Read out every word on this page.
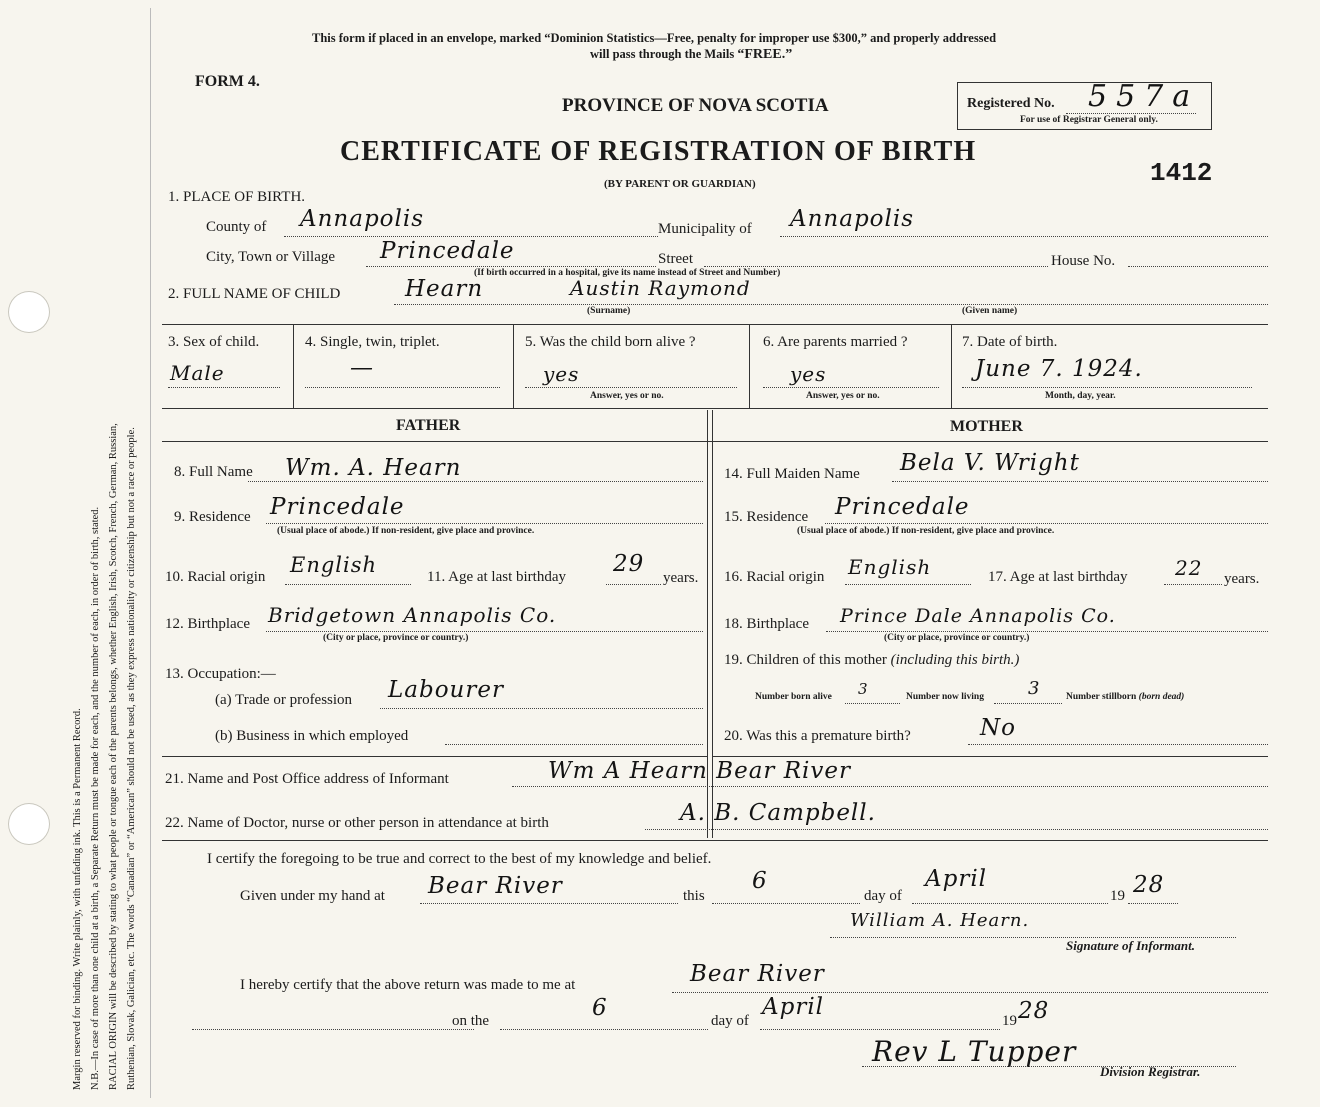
Margin reserved for binding. Write plainly, with unfading ink. This is a Permanent Record. N.B.—In case of more than one child at a birth, a Separate Return must be made for each, and the number of each, in order of birth, stated. RACIAL ORIGIN will be described by stating to what people or tongue each of the parents belongs, whether English, Irish, Scotch, French, German, Russian, Ruthenian, Slovak, Galician, etc. The words “Canadian” or “American” should not be used, as they express nationality or citizenship but not a race or people.
This form if placed in an envelope, marked “Dominion Statistics—Free, penalty for improper use $300,” and properly addressed
will pass through the Mails “FREE.”
FORM 4.
PROVINCE OF NOVA SCOTIA	Registered No. 557a
For use of Registrar General only.
CERTIFICATE OF REGISTRATION OF BIRTH
1412
(BY PARENT OR GUARDIAN)
1. PLACE OF BIRTH.
County of Annapolis	Municipality of Annapolis
City, Town or Village Princedale	Street	House No.
(If birth occurred in a hospital, give its name instead of Street and Number)
2. FULL NAME OF CHILD	Hearn	Austin Raymond
(Surname)	(Given name)
3. Sex of child.
Male
4. Single, twin, triplet.
—
5. Was the child born alive ?
yes
Answer, yes or no.
6. Are parents married ?
yes
Answer, yes or no.
7. Date of birth.
June 7. 1924.
Month, day, year.
FATHER	MOTHER
8. Full Name Wm. A. Hearn
9. Residence Princedale
(Usual place of abode.) If non-resident, give place and province.
10. Racial origin English	11. Age at last birthday 29
years.
12. Birthplace Bridgetown Annapolis Co.
(City or place, province or country.)
13. Occupation:—
(a) Trade or profession Labourer
(b) Business in which employed
14. Full Maiden Name Bela V. Wright
15. Residence Princedale
(Usual place of abode.) If non-resident, give place and province.
16. Racial origin English	17. Age at last birthday 22 years.
18. Birthplace Prince Dale Annapolis Co.
(City or place, province or country.)
19. Children of this mother (including this birth.)
Number born alive 3	Number now living 3	Number stillborn (born dead)
20. Was this a premature birth?	No
21. Name and Post Office address of Informant	Wm A Hearn Bear River
22. Name of Doctor, nurse or other person in attendance at birth	A. B. Campbell.
I certify the foregoing to be true and correct to the best of my knowledge and belief.
Given under my hand at Bear River	this
6
day of
April
19 28
William A. Hearn.
Signature of Informant.
I hereby certify that the above return was made to me at	Bear River
on the	6	day of
April
19 28
Rev L Tupper
Division Registrar.
